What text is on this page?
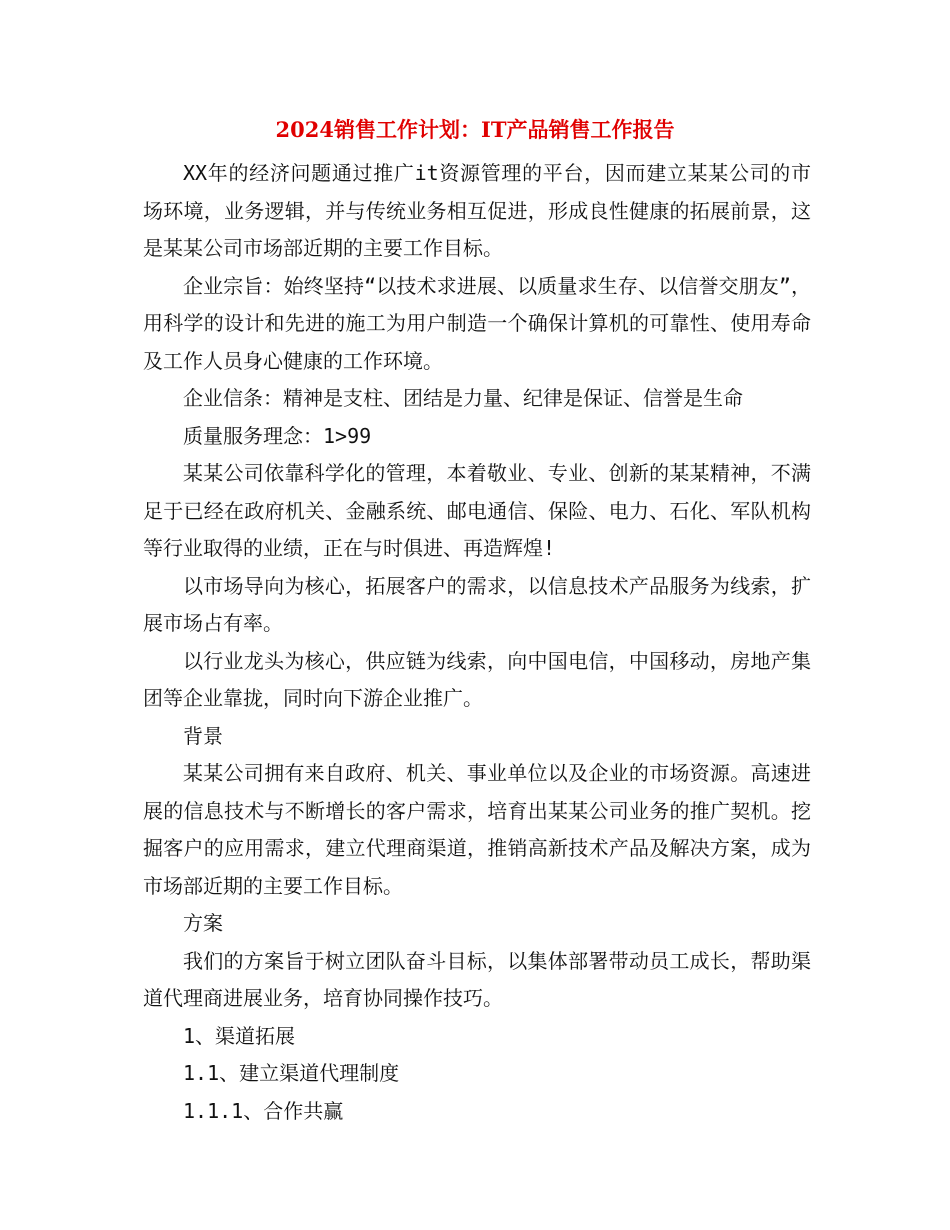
2024销售工作计划：IT产品销售工作报告

XX年的经济问题通过推广it资源管理的平台，因而建立某某公司的市场环境，业务逻辑，并与传统业务相互促进，形成良性健康的拓展前景，这是某某公司市场部近期的主要工作目标。

企业宗旨：始终坚持“以技术求进展、以质量求生存、以信誉交朋友”，用科学的设计和先进的施工为用户制造一个确保计算机的可靠性、使用寿命及工作人员身心健康的工作环境。

企业信条：精神是支柱、团结是力量、纪律是保证、信誉是生命

质量服务理念：1>99

某某公司依靠科学化的管理，本着敬业、专业、创新的某某精神，不满足于已经在政府机关、金融系统、邮电通信、保险、电力、石化、军队机构等行业取得的业绩，正在与时俱进、再造辉煌!

以市场导向为核心，拓展客户的需求，以信息技术产品服务为线索，扩展市场占有率。

以行业龙头为核心，供应链为线索，向中国电信，中国移动，房地产集团等企业靠拢，同时向下游企业推广。

背景

某某公司拥有来自政府、机关、事业单位以及企业的市场资源。高速进展的信息技术与不断增长的客户需求，培育出某某公司业务的推广契机。挖掘客户的应用需求，建立代理商渠道，推销高新技术产品及解决方案，成为市场部近期的主要工作目标。

方案

我们的方案旨于树立团队奋斗目标，以集体部署带动员工成长，帮助渠道代理商进展业务，培育协同操作技巧。

1、渠道拓展

1.1、建立渠道代理制度

1.1.1、合作共赢
